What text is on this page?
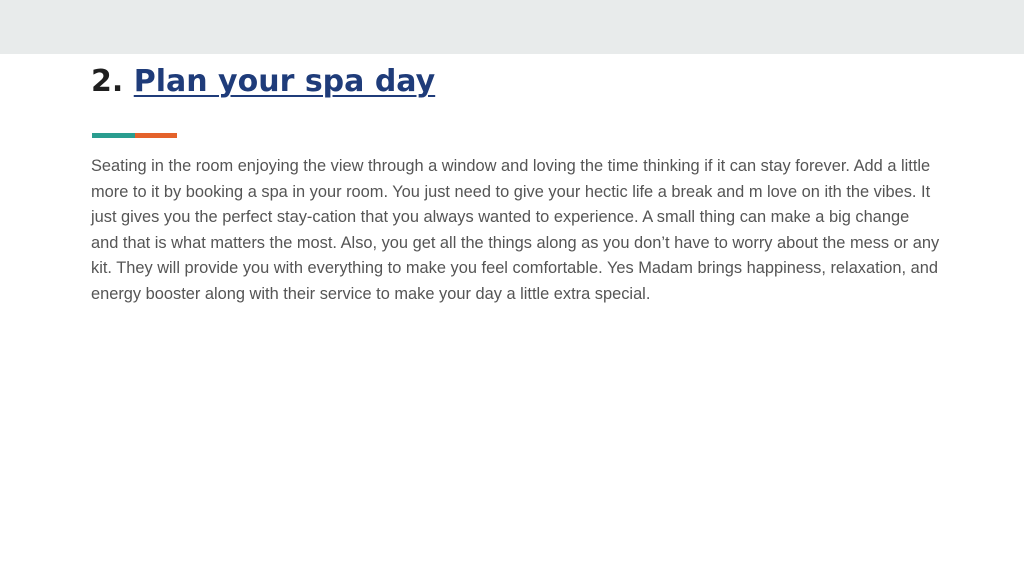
2. Plan your spa day

Seating in the room enjoying the view through a window and loving the time thinking if it can stay forever. Add a little more to it by booking a spa in your room. You just need to give your hectic life a break and m love on ith the vibes. It just gives you the perfect stay-cation that you always wanted to experience. A small thing can make a big change and that is what matters the most. Also, you get all the things along as you don’t have to worry about the mess or any kit. They will provide you with everything to make you feel comfortable. Yes Madam brings happiness, relaxation, and energy booster along with their service to make your day a little extra special.
